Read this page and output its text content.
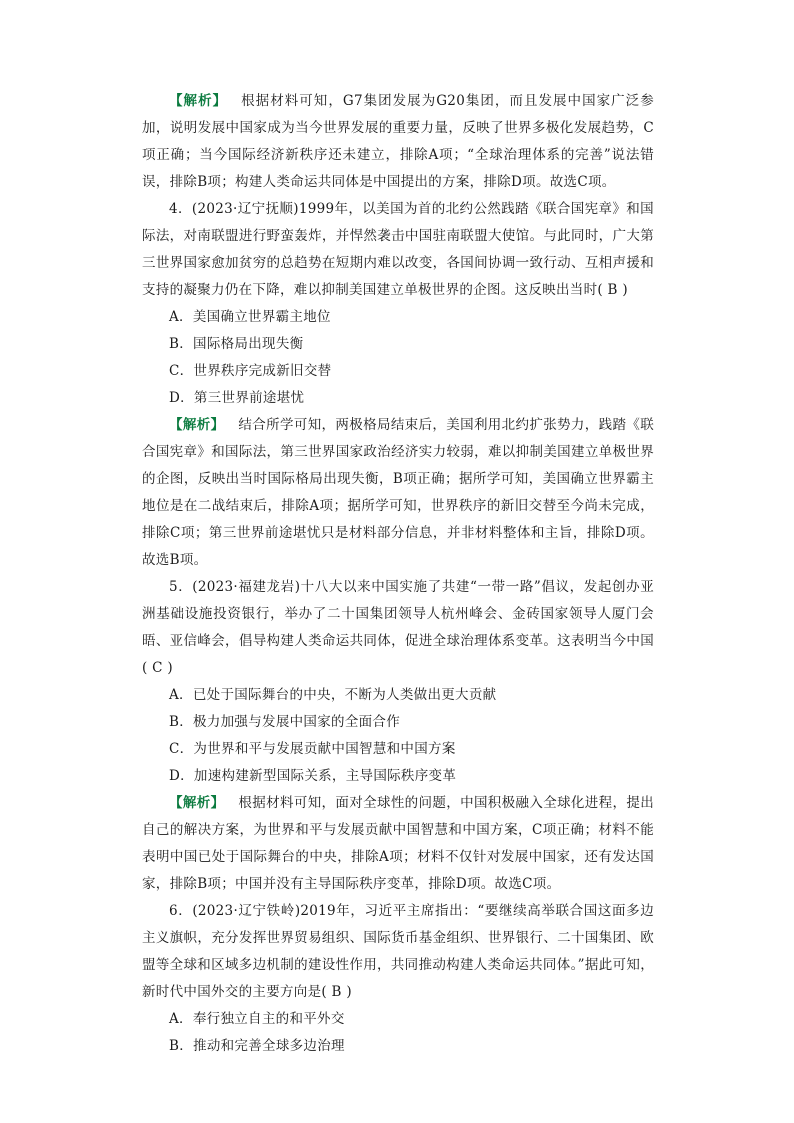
【解析】 根据材料可知，G7集团发展为G20集团，而且发展中国家广泛参加，说明发展中国家成为当今世界发展的重要力量，反映了世界多极化发展趋势，C项正确；当今国际经济新秩序还未建立，排除A项；“全球治理体系的完善”说法错误，排除B项；构建人类命运共同体是中国提出的方案，排除D项。故选C项。

4．(2023·辽宁抚顺)1999年，以美国为首的北约公然践踏《联合国宪章》和国际法，对南联盟进行野蛮轰炸，并悍然袭击中国驻南联盟大使馆。与此同时，广大第三世界国家愈加贫穷的总趋势在短期内难以改变，各国间协调一致行动、互相声援和支持的凝聚力仍在下降，难以抑制美国建立单极世界的企图。这反映出当时( B )

A．美国确立世界霸主地位

B．国际格局出现失衡

C．世界秩序完成新旧交替

D．第三世界前途堪忧

【解析】 结合所学可知，两极格局结束后，美国利用北约扩张势力，践踏《联合国宪章》和国际法，第三世界国家政治经济实力较弱，难以抑制美国建立单极世界的企图，反映出当时国际格局出现失衡，B项正确；据所学可知，美国确立世界霸主地位是在二战结束后，排除A项；据所学可知，世界秩序的新旧交替至今尚未完成，排除C项；第三世界前途堪忧只是材料部分信息，并非材料整体和主旨，排除D项。故选B项。

5．(2023·福建龙岩)十八大以来中国实施了共建“一带一路”倡议，发起创办亚洲基础设施投资银行，举办了二十国集团领导人杭州峰会、金砖国家领导人厦门会晤、亚信峰会，倡导构建人类命运共同体，促进全球治理体系变革。这表明当今中国( C )

A．已处于国际舞台的中央，不断为人类做出更大贡献

B．极力加强与发展中国家的全面合作

C．为世界和平与发展贡献中国智慧和中国方案

D．加速构建新型国际关系，主导国际秩序变革

【解析】 根据材料可知，面对全球性的问题，中国积极融入全球化进程，提出自己的解决方案，为世界和平与发展贡献中国智慧和中国方案，C项正确；材料不能表明中国已处于国际舞台的中央，排除A项；材料不仅针对发展中国家，还有发达国家，排除B项；中国并没有主导国际秩序变革，排除D项。故选C项。

6．(2023·辽宁铁岭)2019年，习近平主席指出：“要继续高举联合国这面多边主义旗帜，充分发挥世界贸易组织、国际货币基金组织、世界银行、二十国集团、欧盟等全球和区域多边机制的建设性作用，共同推动构建人类命运共同体。”据此可知，新时代中国外交的主要方向是( B )

A．奉行独立自主的和平外交

B．推动和完善全球多边治理
